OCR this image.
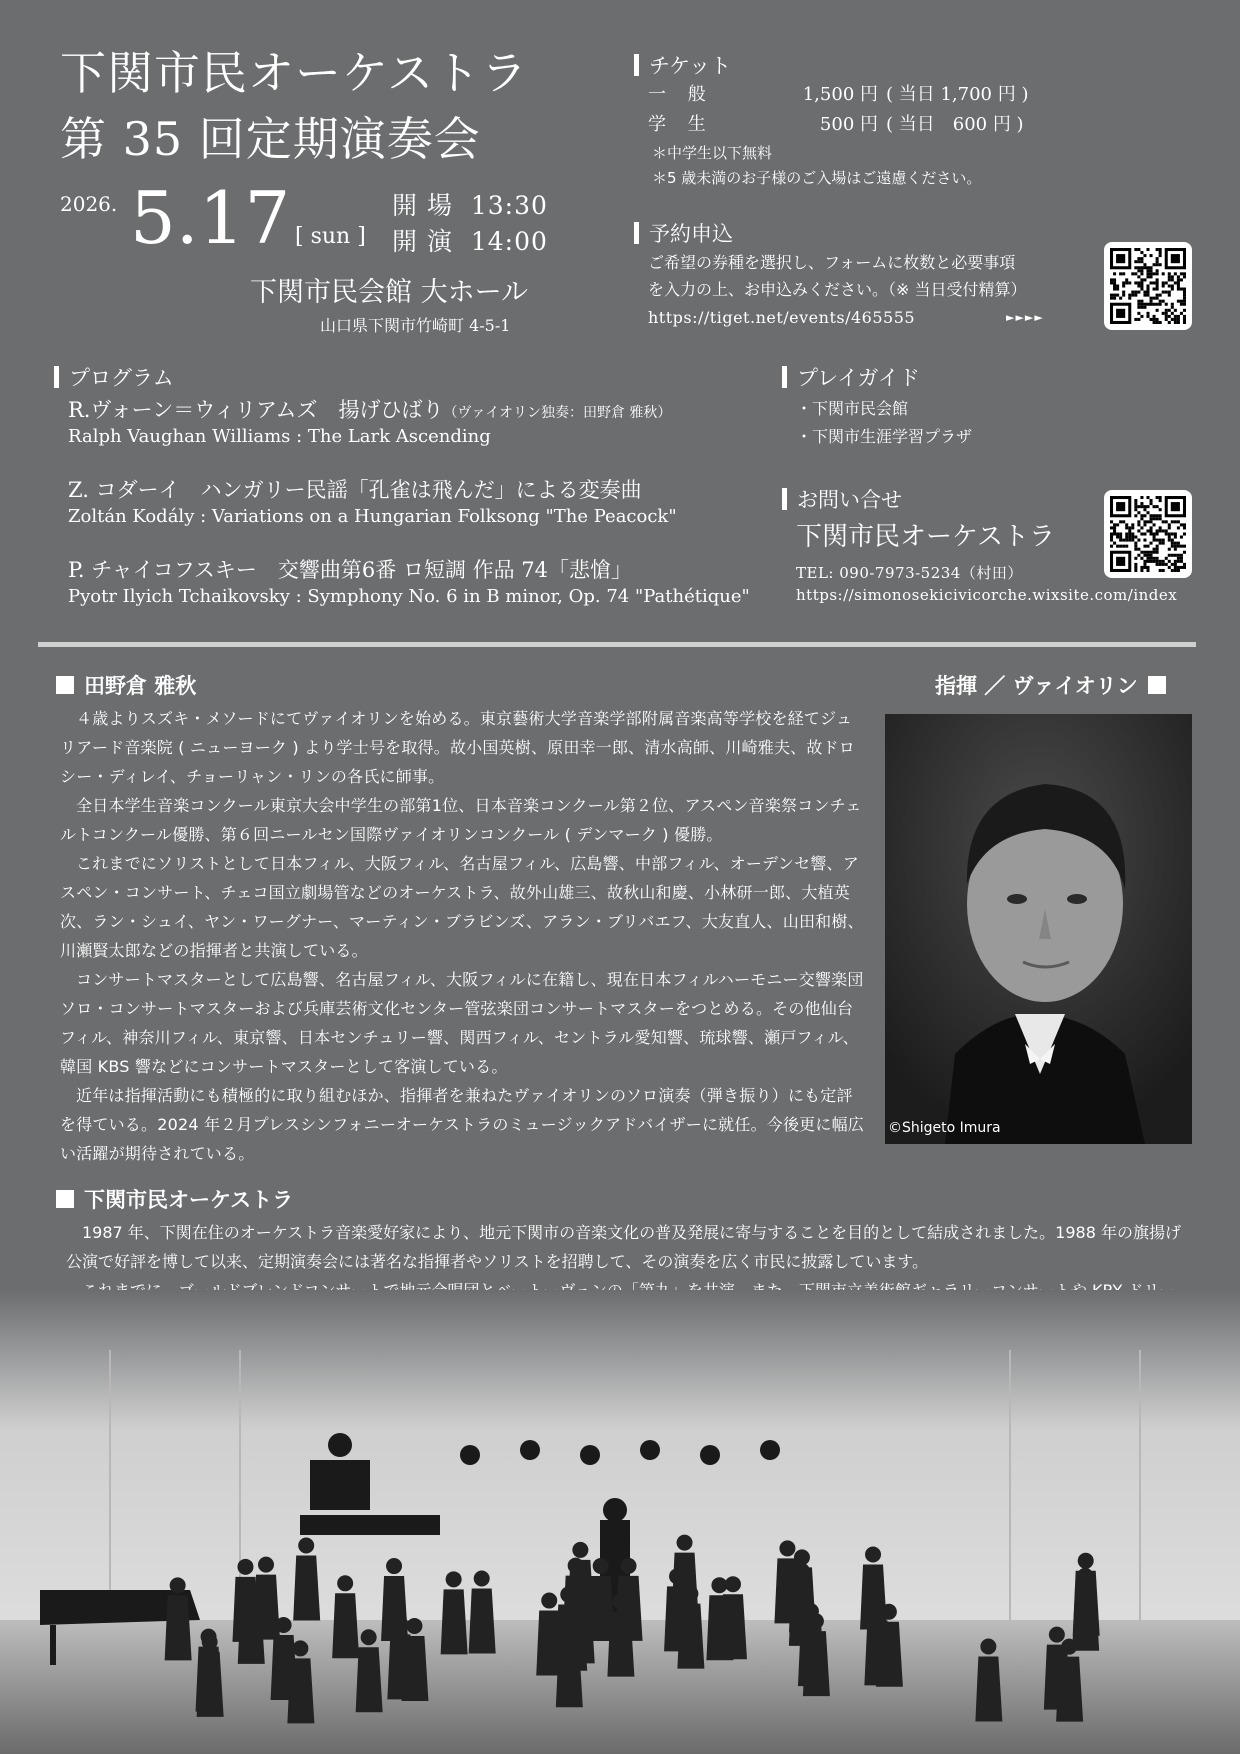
下関市民オーケストラ
第 35 回定期演奏会
2026. 5.17 [ sun ]
開 場 13:30
開 演 14:00
下関市民会館 大ホール
山口県下関市竹崎町 4-5-1
チケット
一 般	1,500 円 ( 当日 1,700 円 )
学 生	500 円 ( 当日　600 円 )
＊中学生以下無料
＊5 歳未満のお子様のご入場はご遠慮ください。
予約申込
ご希望の券種を選択し、フォームに枚数と必要事項
を入力の上、お申込みください。（※ 当日受付精算）
https://tiget.net/events/465555	►►►►
プログラム
R.ヴォーン＝ウィリアムズ　揚げひばり（ヴァイオリン独奏：田野倉 雅秋）
Ralph Vaughan Williams : The Lark Ascending
Z. コダーイ　ハンガリー民謡「孔雀は飛んだ」による変奏曲
Zoltán Kodály : Variations on a Hungarian Folksong "The Peacock"
P. チャイコフスキー　交響曲第6番 ロ短調 作品 74「悲愴」
Pyotr Ilyich Tchaikovsky : Symphony No. 6 in B minor, Op. 74 "Pathétique"
プレイガイド
・下関市民会館
・下関市生涯学習プラザ
お問い合せ
下関市民オーケストラ
TEL: 090-7973-5234（村田）
https://simonosekicivicorche.wixsite.com/index
田野倉 雅秋	指揮 ／ ヴァイオリン

４歳よりスズキ・メソードにてヴァイオリンを始める。東京藝術大学音楽学部附属音楽高等学校を経てジュリアード音楽院 ( ニューヨーク ) より学士号を取得。故小国英樹、原田幸一郎、清水高師、川崎雅夫、故ドロシー・ディレイ、チョーリャン・リンの各氏に師事。

全日本学生音楽コンクール東京大会中学生の部第1位、日本音楽コンクール第２位、アスペン音楽祭コンチェルトコンクール優勝、第６回ニールセン国際ヴァイオリンコンクール ( デンマーク ) 優勝。

これまでにソリストとして日本フィル、大阪フィル、名古屋フィル、広島響、中部フィル、オーデンセ響、アスペン・コンサート、チェコ国立劇場管などのオーケストラ、故外山雄三、故秋山和慶、小林研一郎、大植英次、ラン・シュイ、ヤン・ワーグナー、マーティン・ブラビンズ、アラン・ブリバエフ、大友直人、山田和樹、川瀬賢太郎などの指揮者と共演している。

コンサートマスターとして広島響、名古屋フィル、大阪フィルに在籍し、現在日本フィルハーモニー交響楽団ソロ・コンサートマスターおよび兵庫芸術文化センター管弦楽団コンサートマスターをつとめる。その他仙台フィル、神奈川フィル、東京響、日本センチュリー響、関西フィル、セントラル愛知響、琉球響、瀬戸フィル、韓国 KBS 響などにコンサートマスターとして客演している。

近年は指揮活動にも積極的に取り組むほか、指揮者を兼ねたヴァイオリンのソロ演奏（弾き振り）にも定評を得ている。2024 年２月プレスシンフォニーオーケストラのミュージックアドバイザーに就任。今後更に幅広い活躍が期待されている。

©Shigeto Imura
下関市民オーケストラ

1987 年、下関在住のオーケストラ音楽愛好家により、地元下関市の音楽文化の普及発展に寄与することを目的として結成されました。1988 年の旗揚げ公演で好評を博して以来、定期演奏会には著名な指揮者やソリストを招聘して、その演奏を広く市民に披露しています。
